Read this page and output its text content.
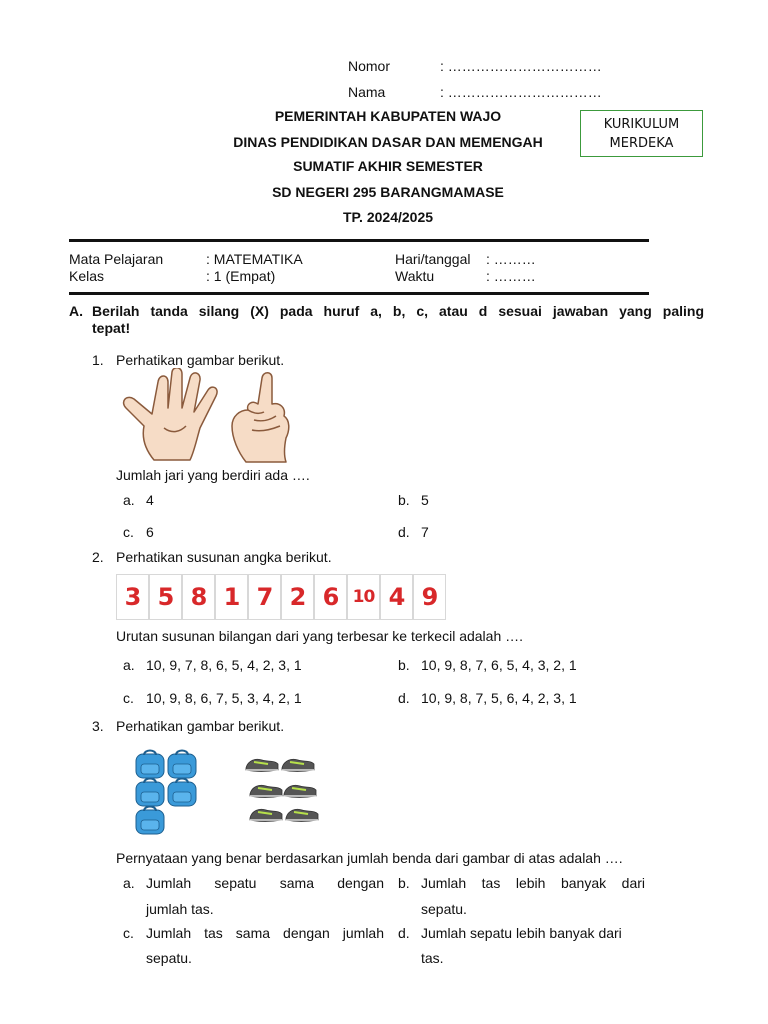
Nomor	: ……………………………
Nama	: ……………………………
PEMERINTAH KABUPATEN WAJO
DINAS PENDIDIKAN DASAR DAN MEMENGAH
SUMATIF AKHIR SEMESTER
SD NEGERI 295 BARANGMAMASE
TP. 2024/2025
KURIKULUM
MERDEKA
Mata Pelajaran	: MATEMATIKA
Kelas	: 1 (Empat)
Hari/tanggal : ………
Waktu	: ………
A. Berilah tanda silang (X) pada huruf a, b, c, atau d sesuai jawaban yang paling
tepat!
1. Perhatikan gambar berikut.
Jumlah jari yang berdiri ada ….
a. 4	b. 5
c. 6	d. 7
2. Perhatikan susunan angka berikut.
3 5 8 1 7 2 6 10 4 9
Urutan susunan bilangan dari yang terbesar ke terkecil adalah ….
a. 10, 9, 7, 8, 6, 5, 4, 2, 3, 1	b. 10, 9, 8, 7, 6, 5, 4, 3, 2, 1
c. 10, 9, 8, 6, 7, 5, 3, 4, 2, 1	d. 10, 9, 8, 7, 5, 6, 4, 2, 3, 1
3. Perhatikan gambar berikut.
Pernyataan yang benar berdasarkan jumlah benda dari gambar di atas adalah ….
a. Jumlah sepatu sama dengan
jumlah tas.
b. Jumlah tas lebih banyak dari
sepatu.
c. Jumlah tas sama dengan jumlah
sepatu.
d. Jumlah sepatu lebih banyak dari
tas.
